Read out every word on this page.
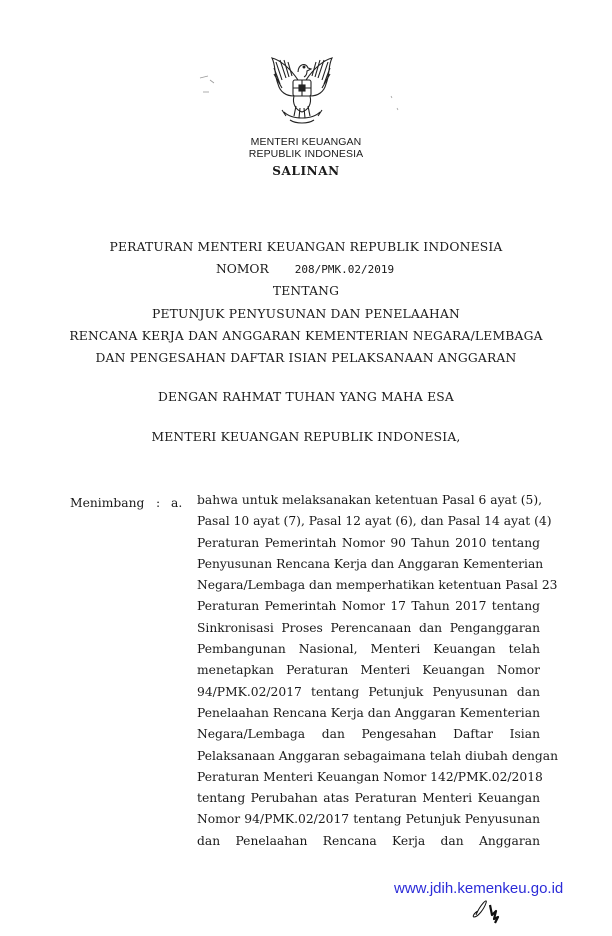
MENTERI KEUANGAN
REPUBLIK INDONESIA
SALINAN
PERATURAN MENTERI KEUANGAN REPUBLIK INDONESIA
NOMOR 208/PMK.02/2019
TENTANG
PETUNJUK PENYUSUNAN DAN PENELAAHAN
RENCANA KERJA DAN ANGGARAN KEMENTERIAN NEGARA/LEMBAGA
DAN PENGESAHAN DAFTAR ISIAN PELAKSANAAN ANGGARAN
DENGAN RAHMAT TUHAN YANG MAHA ESA
MENTERI KEUANGAN REPUBLIK INDONESIA,
Menimbang : a. bahwa untuk melaksanakan ketentuan Pasal 6 ayat (5),
Pasal 10 ayat (7), Pasal 12 ayat (6), dan Pasal 14 ayat (4)
Peraturan Pemerintah Nomor 90 Tahun 2010 tentang
Penyusunan Rencana Kerja dan Anggaran Kementerian
Negara/Lembaga dan memperhatikan ketentuan Pasal 23
Peraturan Pemerintah Nomor 17 Tahun 2017 tentang
Sinkronisasi Proses Perencanaan dan Penganggaran
Pembangunan Nasional, Menteri Keuangan telah
menetapkan Peraturan Menteri Keuangan Nomor
94/PMK.02/2017 tentang Petunjuk Penyusunan dan
Penelaahan Rencana Kerja dan Anggaran Kementerian
Negara/Lembaga dan Pengesahan Daftar Isian
Pelaksanaan Anggaran sebagaimana telah diubah dengan
Peraturan Menteri Keuangan Nomor 142/PMK.02/2018
tentang Perubahan atas Peraturan Menteri Keuangan
Nomor 94/PMK.02/2017 tentang Petunjuk Penyusunan
dan Penelaahan Rencana Kerja dan Anggaran
www.jdih.kemenkeu.go.id
